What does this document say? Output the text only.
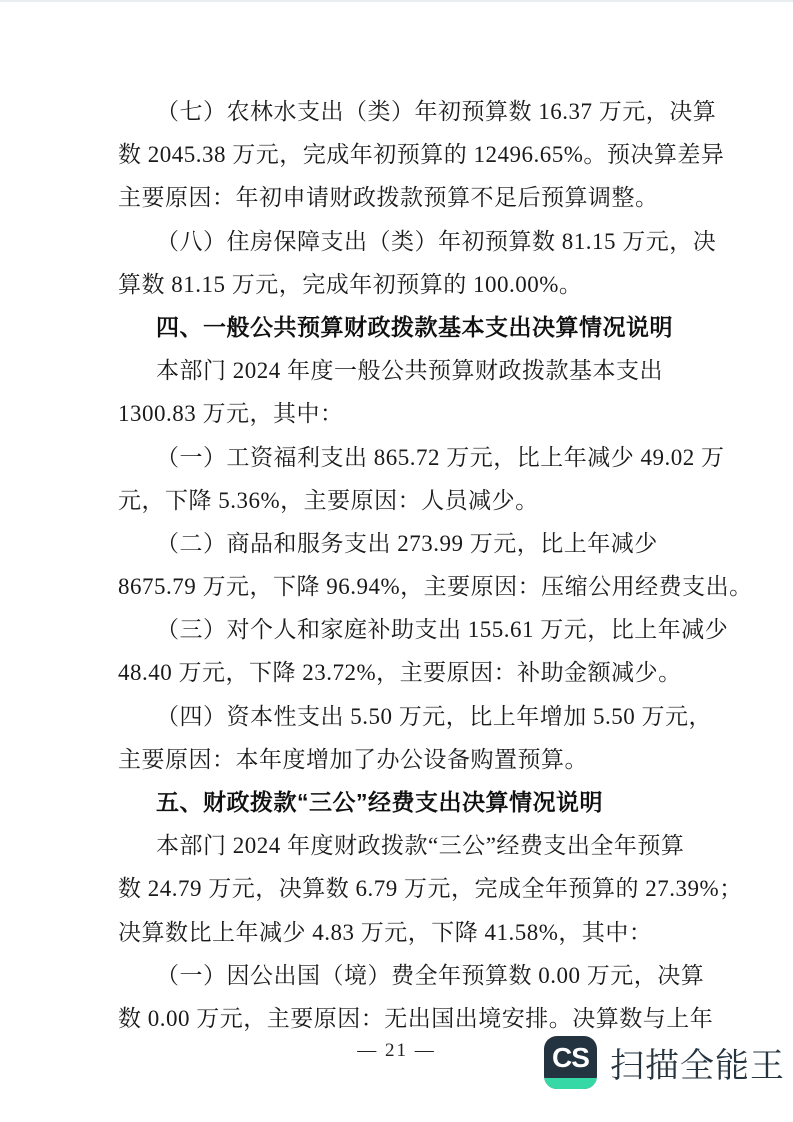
（七）农林水支出（类）年初预算数 16.37 万元，决算
数 2045.38 万元，完成年初预算的 12496.65%。预决算差异
主要原因：年初申请财政拨款预算不足后预算调整。
（八）住房保障支出（类）年初预算数 81.15 万元，决
算数 81.15 万元，完成年初预算的 100.00%。
四、一般公共预算财政拨款基本支出决算情况说明
本部门 2024 年度一般公共预算财政拨款基本支出
1300.83 万元，其中：
（一）工资福利支出 865.72 万元，比上年减少 49.02 万
元，下降 5.36%，主要原因：人员减少。
（二）商品和服务支出 273.99 万元，比上年减少
8675.79 万元，下降 96.94%，主要原因：压缩公用经费支出。
（三）对个人和家庭补助支出 155.61 万元，比上年减少
48.40 万元，下降 23.72%，主要原因：补助金额减少。
（四）资本性支出 5.50 万元，比上年增加 5.50 万元，
主要原因：本年度增加了办公设备购置预算。
五、财政拨款“三公”经费支出决算情况说明
本部门 2024 年度财政拨款“三公”经费支出全年预算
数 24.79 万元，决算数 6.79 万元，完成全年预算的 27.39%；
决算数比上年减少 4.83 万元，下降 41.58%，其中：
（一）因公出国（境）费全年预算数 0.00 万元，决算
数 0.00 万元，主要原因：无出国出境安排。决算数与上年
— 21 —	CS 扫描全能王
